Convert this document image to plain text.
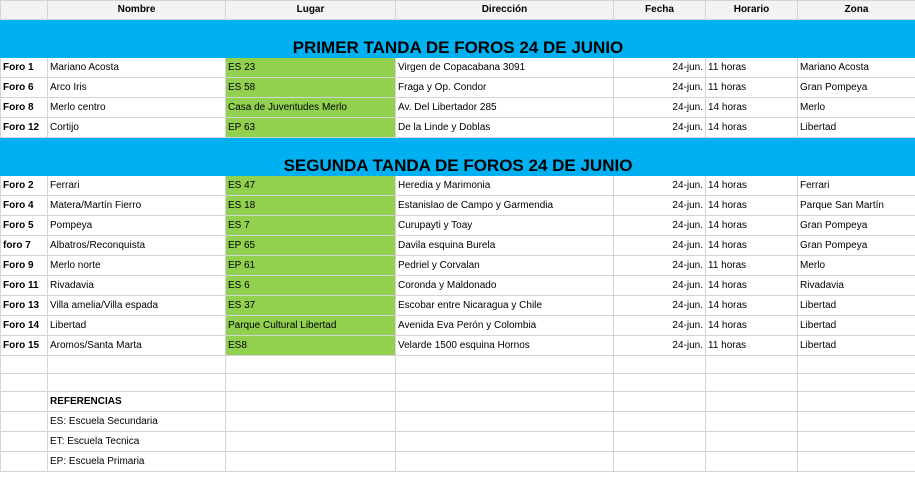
	Nombre	Lugar	Dirección	Fecha	Horario	Zona

PRIMER TANDA DE FOROS 24 DE JUNIO						
Foro 1	Mariano Acosta	ES 23	Virgen de Copacabana 3091	24-jun.	11 horas	Mariano Acosta
Foro 6	Arco Iris	ES 58	Fraga y Op. Condor	24-jun.	11 horas	Gran Pompeya
Foro 8	Merlo centro	Casa de Juventudes Merlo	Av. Del Libertador 285	24-jun.	14 horas	Merlo
Foro 12	Cortijo	EP 63	De la Linde y Doblas	24-jun.	14 horas	Libertad

SEGUNDA TANDA DE FOROS 24 DE JUNIO						
Foro 2	Ferrari	ES 47	Heredia y Marimonia	24-jun.	14 horas	Ferrari
Foro 4	Matera/Martín Fierro	ES 18	Estanislao de Campo y Garmendia	24-jun.	14 horas	Parque San Martín
Foro 5	Pompeya	ES 7	Curupayti y Toay	24-jun.	14 horas	Gran Pompeya
foro 7	Albatros/Reconquista	EP 65	Davila esquina Burela	24-jun.	14 horas	Gran Pompeya
Foro 9	Merlo norte	EP 61	Pedriel y Corvalan	24-jun.	11 horas	Merlo
Foro 11	Rivadavia	ES 6	Coronda y Maldonado	24-jun.	14 horas	Rivadavia
Foro 13	Villa amelia/Villa espada	ES 37	Escobar entre Nicaragua y Chile	24-jun.	14 horas	Libertad
Foro 14	Libertad	Parque Cultural Libertad	Avenida Eva Perón y Colombia	24-jun.	14 horas	Libertad
Foro 15	Aromos/Santa Marta	ES8	Velarde 1500 esquina Hornos	24-jun.	11 horas	Libertad

	REFERENCIAS					
	ES: Escuela Secundaria					
	ET: Escuela Tecnica					
	EP: Escuela Primaria					
